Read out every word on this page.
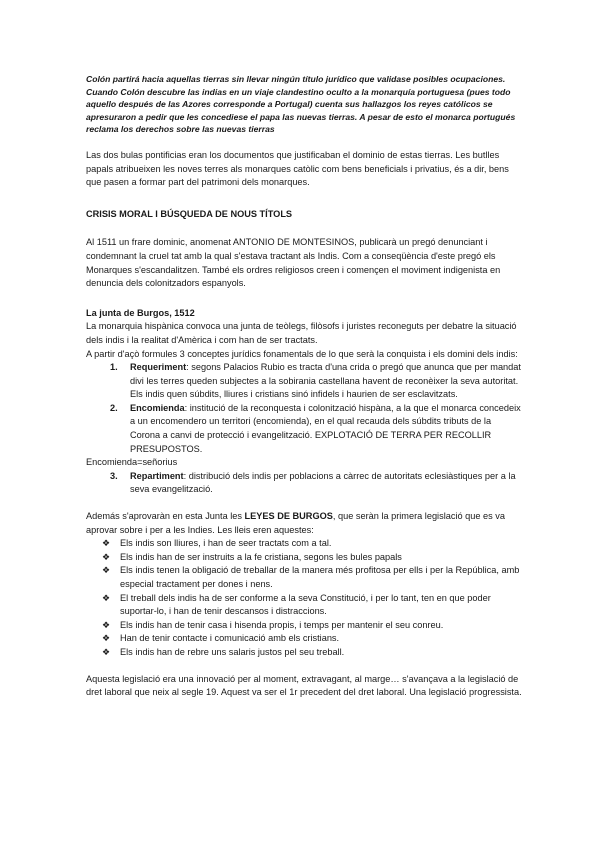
Colón partirá hacia aquellas tierras sin llevar ningún título jurídico que validase posibles ocupaciones. Cuando Colón descubre las indias en un viaje clandestino oculto a la monarquía portuguesa (pues todo aquello después de las Azores corresponde a Portugal) cuenta sus hallazgos los reyes católicos se apresuraron a pedir que les concediese el papa las nuevas tierras. A pesar de esto el monarca portugués reclama los derechos sobre las nuevas tierras

Las dos bulas pontificias eran los documentos que justificaban el dominio de estas tierras. Les butlles papals atribueixen les noves terres als monarques catòlic com bens beneficials i privatius, és a dir, bens que pasen a formar part del patrimoni dels monarques.

CRISIS MORAL I BÚSQUEDA DE NOUS TÍTOLS

Al 1511 un frare dominic, anomenat ANTONIO DE MONTESINOS, publicarà un pregó denunciant i condemnant la cruel tat amb la qual s'estava tractant als Indis. Com a conseqüència d'este pregó els Monarques s'escandalitzen. També els ordres religiosos creen i començen el moviment indigenista en denuncia dels colonitzadors espanyols.

La junta de Burgos, 1512

La monarquia hispànica convoca una junta de teòlegs, filòsofs i juristes reconeguts per debatre la situació dels indis i la realitat d'Amèrica i com han de ser tractats.

A partir d'açò formules 3 conceptes jurídics fonamentals de lo que serà la conquista i els domini dels indis:

1. Requeriment: segons Palacios Rubio es tracta d'una crida o pregó que anunca que per mandat divi les terres queden subjectes a la sobirania castellana havent de reconèixer la seva autoritat. Els indis quen súbdits, lliures i cristians sinó infidels i haurien de ser esclavitzats.
2. Encomienda: institució de la reconquesta i colonització hispàna, a la que el monarca concedeix a un encomendero un territori (encomienda), en el qual recauda dels súbdits tributs de la Corona a canvi de protecció i evangelització. EXPLOTACIÓ DE TERRA PER RECOLLIR PRESUPOSTOS.

Encomienda=señorius

3. Repartiment: distribució dels indis per poblacions a càrrec de autoritats eclesiàstiques per a la seva evangelització.

Además s'aprovaràn en esta Junta les LEYES DE BURGOS, que seràn la primera legislació que es va aprovar sobre i per a les Indies. Les lleis eren aquestes:

❖ Els indis son lliures, i han de seer tractats com a tal.
❖ Els indis han de ser instruits a la fe cristiana, segons les bules papals
❖ Els indis tenen la obligació de treballar de la manera més profitosa per ells i per la República, amb especial tractament per dones i nens.
❖ El treball dels indis ha de ser conforme a la seva Constitució, i per lo tant, ten en que poder suportar-lo, i han de tenir descansos i distraccions.
❖ Els indis han de tenir casa i hisenda propis, i temps per mantenir el seu conreu.
❖ Han de tenir contacte i comunicació amb els cristians.
❖ Els indis han de rebre uns salaris justos pel seu treball.

Aquesta legislació era una innovació per al moment, extravagant, al marge… s'avançava a la legislació de dret laboral que neix al segle 19. Aquest va ser el 1r precedent del dret laboral. Una legislació progressista.
